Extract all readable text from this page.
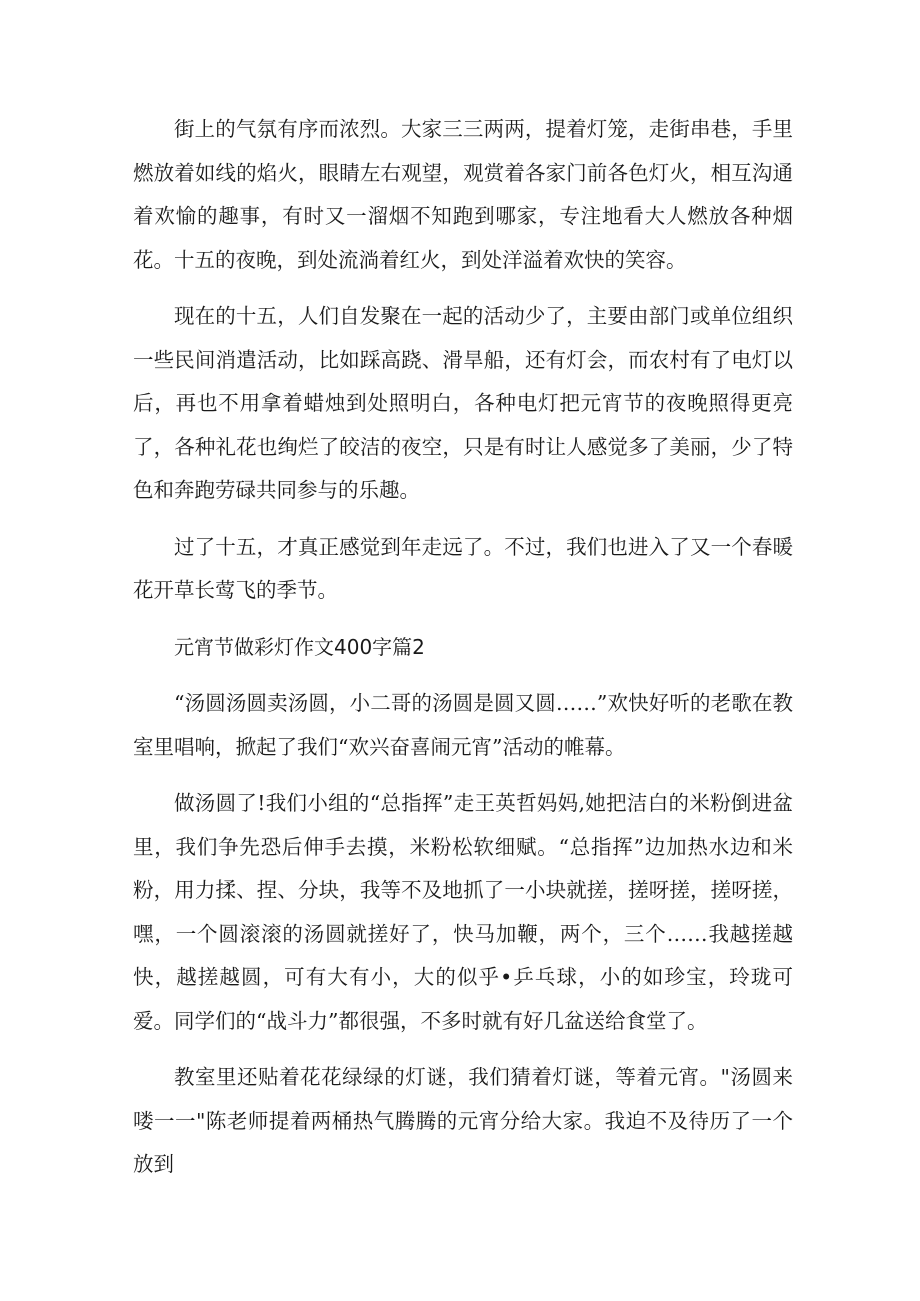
街上的气氛有序而浓烈。大家三三两两，提着灯笼，走街串巷，手里燃放着如线的焰火，眼睛左右观望，观赏着各家门前各色灯火，相互沟通着欢愉的趣事，有时又一溜烟不知跑到哪家，专注地看大人燃放各种烟花。十五的夜晚，到处流淌着红火，到处洋溢着欢快的笑容。

现在的十五，人们自发聚在一起的活动少了，主要由部门或单位组织一些民间消遣活动，比如踩高跷、滑旱船，还有灯会，而农村有了电灯以后，再也不用拿着蜡烛到处照明白，各种电灯把元宵节的夜晚照得更亮了，各种礼花也绚烂了皎洁的夜空，只是有时让人感觉多了美丽，少了特色和奔跑劳碌共同参与的乐趣。

过了十五，才真正感觉到年走远了。不过，我们也进入了又一个春暖花开草长莺飞的季节。

元宵节做彩灯作文400字篇2

“汤圆汤圆卖汤圆，小二哥的汤圆是圆又圆……”欢快好听的老歌在教室里唱响，掀起了我们“欢兴奋喜闹元宵”活动的帷幕。

做汤圆了!我们小组的“总指挥”走王英哲妈妈,她把洁白的米粉倒进盆里，我们争先恐后伸手去摸，米粉松软细赋。“总指挥”边加热水边和米粉，用力揉、捏、分块，我等不及地抓了一小块就搓，搓呀搓，搓呀搓，嘿，一个圆滚滚的汤圆就搓好了，快马加鞭，两个，三个……我越搓越快，越搓越圆，可有大有小，大的似乎•乒乓球，小的如珍宝，玲珑可爱。同学们的“战斗力”都很强，不多时就有好几盆送给食堂了。

教室里还贴着花花绿绿的灯谜，我们猜着灯谜，等着元宵。"汤圆来喽一一"陈老师提着两桶热气腾腾的元宵分给大家。我迫不及待历了一个放到
